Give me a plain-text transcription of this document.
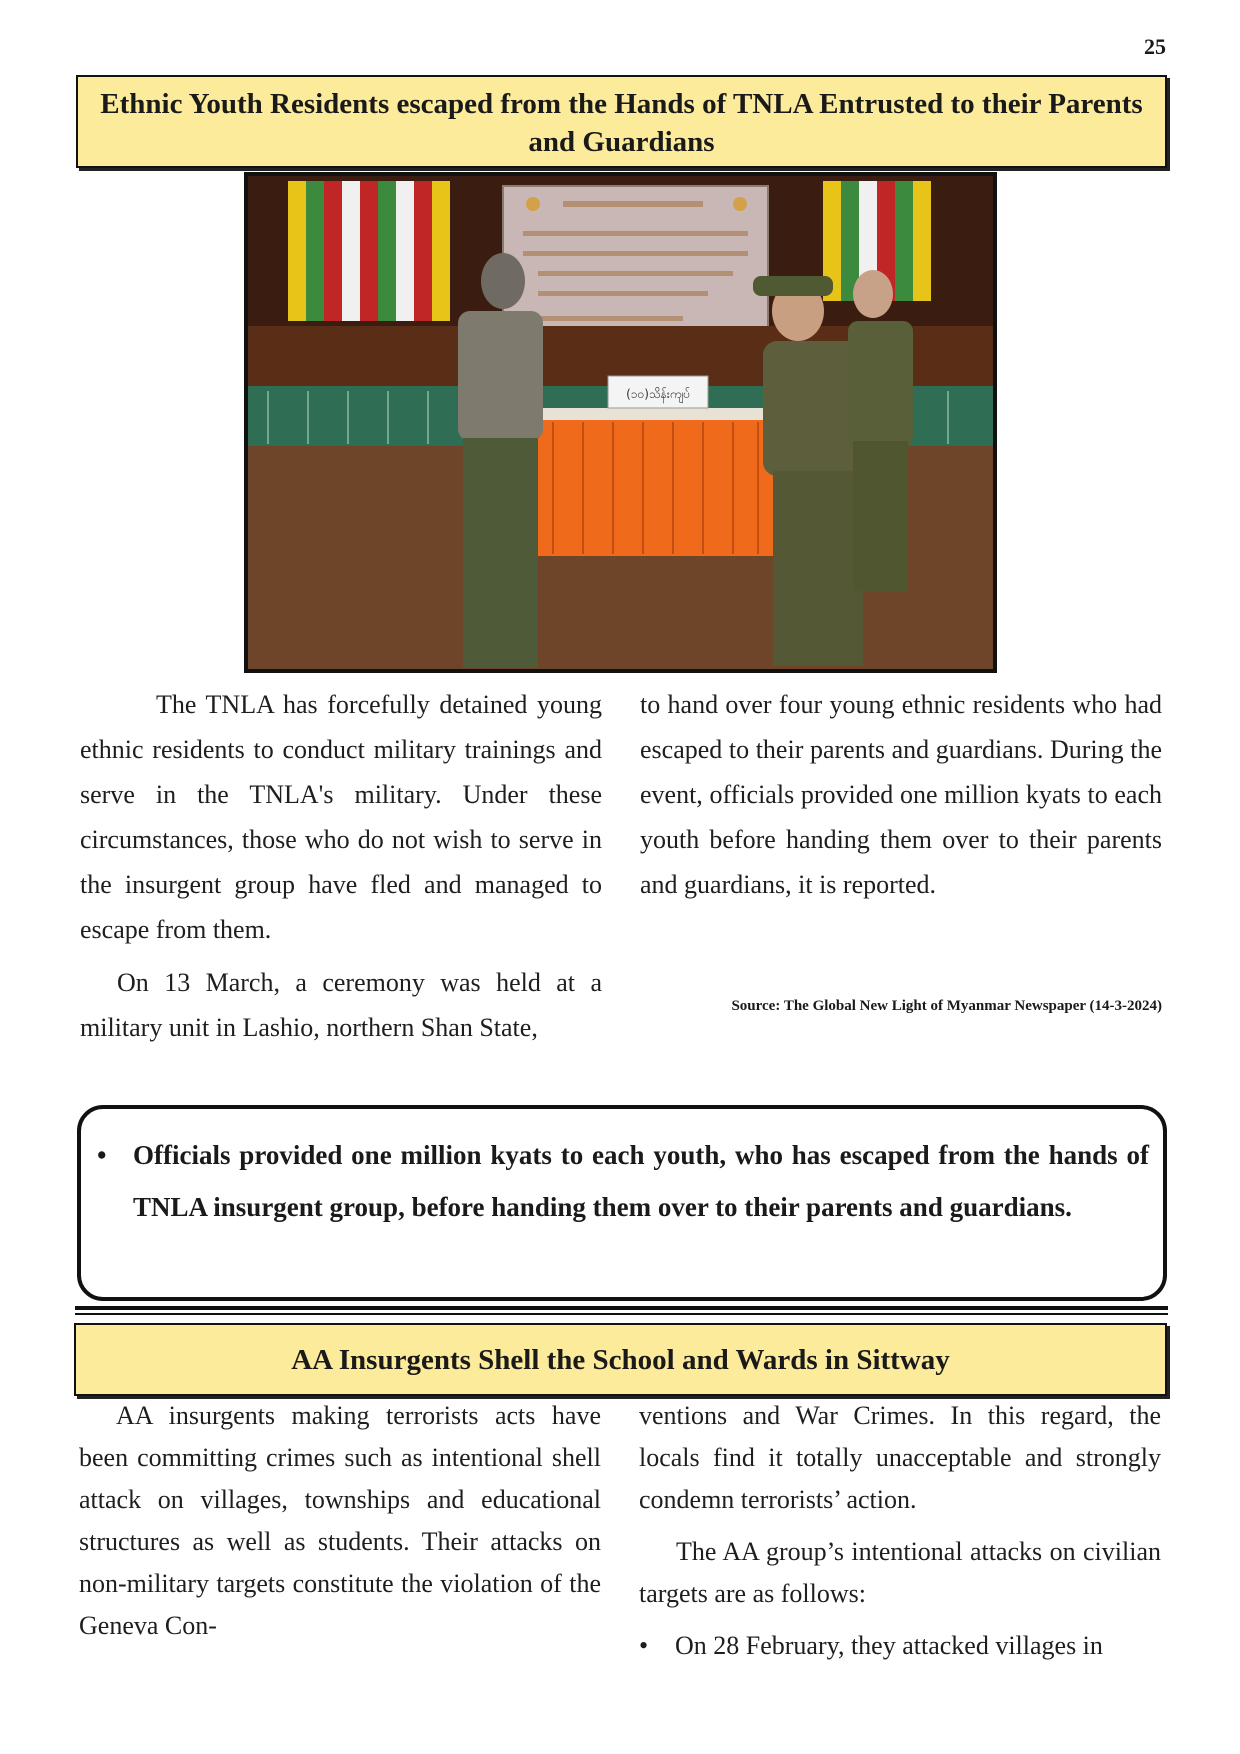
25
Ethnic Youth Residents escaped from the Hands of TNLA Entrusted to their Parents and Guardians
(၁၀)သိန်းကျပ်

The TNLA has forcefully detained young ethnic residents to conduct military trainings and serve in the TNLA's military. Under these circumstances, those who do not wish to serve in the insurgent group have fled and managed to escape from them.

On 13 March, a ceremony was held at a military unit in Lashio, northern Shan State,

to hand over four young ethnic residents who had escaped to their parents and guardians. During the event, officials provided one million kyats to each youth before handing them over to their parents and guardians, it is reported.

Source: The Global New Light of Myanmar Newspaper (14-3-2024)
• Officials provided one million kyats to each youth, who has escaped from the hands of TNLA insurgent group, before handing them over to their parents and guardians.
AA Insurgents Shell the School and Wards in Sittway

AA insurgents making terrorists acts have been committing crimes such as intentional shell attack on villages, townships and educational structures as well as students. Their attacks on non-military targets constitute the violation of the Geneva Con-

ventions and War Crimes. In this regard, the locals find it totally unacceptable and strongly condemn terrorists’ action.

The AA group’s intentional attacks on civilian targets are as follows:

• On 28 February, they attacked villages in
